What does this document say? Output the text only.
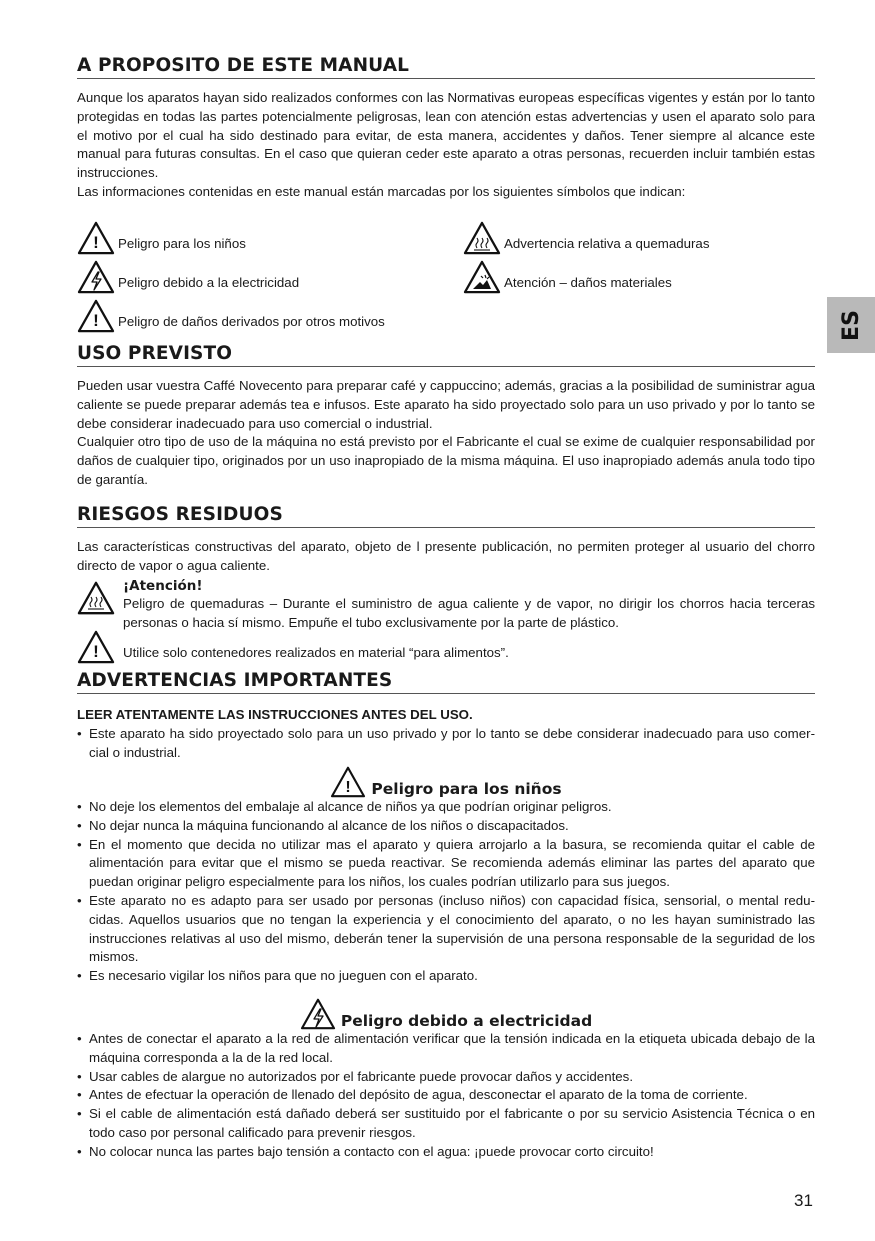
A PROPOSITO DE ESTE MANUAL

Aunque los aparatos hayan sido realizados conformes con las Normativas europeas específicas vigentes y están por lo tanto protegidas en todas las partes potencialmente peligrosas, lean con atención estas advertencias y usen el aparato solo para el motivo por el cual ha sido destinado para evitar, de esta manera, accidentes y daños. Tener siempre al alcance este manual para futuras consultas. En el caso que quieran ceder este aparato a otras personas, recuerden incluir también estas instrucciones.

Las informaciones contenidas en este manual están marcadas por los siguientes símbolos que indican:

! Peligro para los niños	Advertencia relativa a quemaduras
Peligro debido a la electricidad	Atención – daños materiales
! Peligro de daños derivados por otros motivos
USO PREVISTO

Pueden usar vuestra Caffé Novecento para preparar café y cappuccino; además, gracias a la posibilidad de suministrar agua caliente se puede preparar además tea e infusos. Este aparato ha sido proyectado solo para un uso privado y por lo tanto se debe considerar inadecuado para uso comercial o industrial.

Cualquier otro tipo de uso de la máquina no está previsto por el Fabricante el cual se exime de cualquier responsabilidad por daños de cualquier tipo, originados por un uso inapropiado de la misma máquina. El uso inapropiado además anula todo tipo de garantía.

RIESGOS RESIDUOS

Las características constructivas del aparato, objeto de l presente publicación, no permiten proteger al usuario del chorro directo de vapor o agua caliente.

¡Atención!

Peligro de quemaduras – Durante el suministro de agua caliente y de vapor, no dirigir los chorros hacia terceras personas o hacia sí mismo. Empuñe el tubo exclusivamente por la parte de plástico.

! Utilice solo contenedores realizados en material “para alimentos”.

ADVERTENCIAS IMPORTANTES

LEER ATENTAMENTE LAS INSTRUCCIONES ANTES DEL USO.

• Este aparato ha sido proyectado solo para un uso privado y por lo tanto se debe considerar inadecuado para uso comer-cial o industrial.
! Peligro para los niños
• No deje los elementos del embalaje al alcance de niños ya que podrían originar peligros.
• No dejar nunca la máquina funcionando al alcance de los niños o discapacitados.
• En el momento que decida no utilizar mas el aparato y quiera arrojarlo a la basura, se recomienda quitar el cable de alimentación para evitar que el mismo se pueda reactivar. Se recomienda además eliminar las partes del aparato que puedan originar peligro especialmente para los niños, los cuales podrían utilizarlo para sus juegos.
• Este aparato no es adapto para ser usado por personas (incluso niños) con capacidad física, sensorial, o mental redu-cidas. Aquellos usuarios que no tengan la experiencia y el conocimiento del aparato, o no les hayan suministrado las instrucciones relativas al uso del mismo, deberán tener la supervisión de una persona responsable de la seguridad de los mismos.
• Es necesario vigilar los niños para que no jueguen con el aparato.
Peligro debido a electricidad
• Antes de conectar el aparato a la red de alimentación verificar que la tensión indicada en la etiqueta ubicada debajo de la máquina corresponda a la de la red local.
• Usar cables de alargue no autorizados por el fabricante puede provocar daños y accidentes.
• Antes de efectuar la operación de llenado del depósito de agua, desconectar el aparato de la toma de corriente.
• Si el cable de alimentación está dañado deberá ser sustituido por el fabricante o por su servicio Asistencia Técnica o en todo caso por personal calificado para prevenir riesgos.
• No colocar nunca las partes bajo tensión a contacto con el agua: ¡puede provocar corto circuito!
ES
31
